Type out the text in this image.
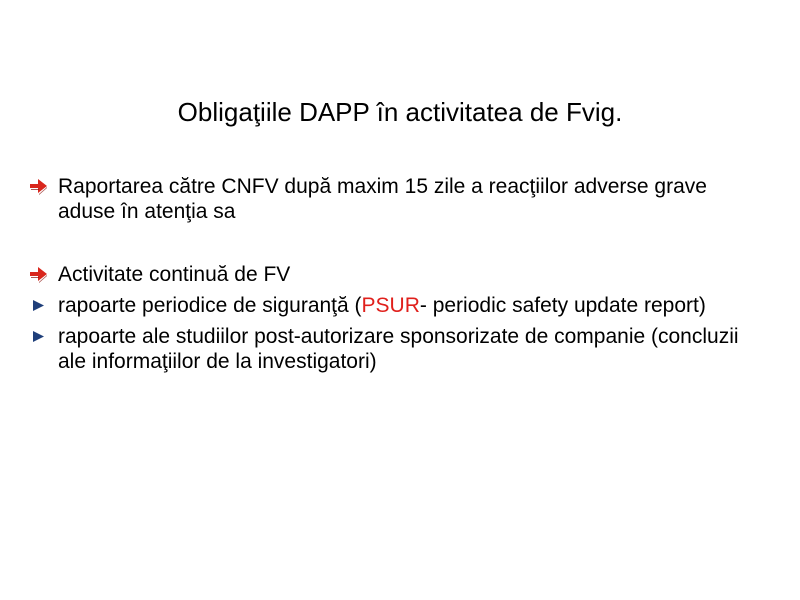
Obligaţiile DAPP în activitatea de Fvig.
Raportarea către CNFV după maxim 15 zile a reacţiilor adverse grave aduse în atenţia sa
Activitate continuă de FV
rapoarte periodice de siguranţă (PSUR- periodic safety update report)
rapoarte ale studiilor post-autorizare sponsorizate de companie (concluzii ale informaţiilor de la investigatori)
